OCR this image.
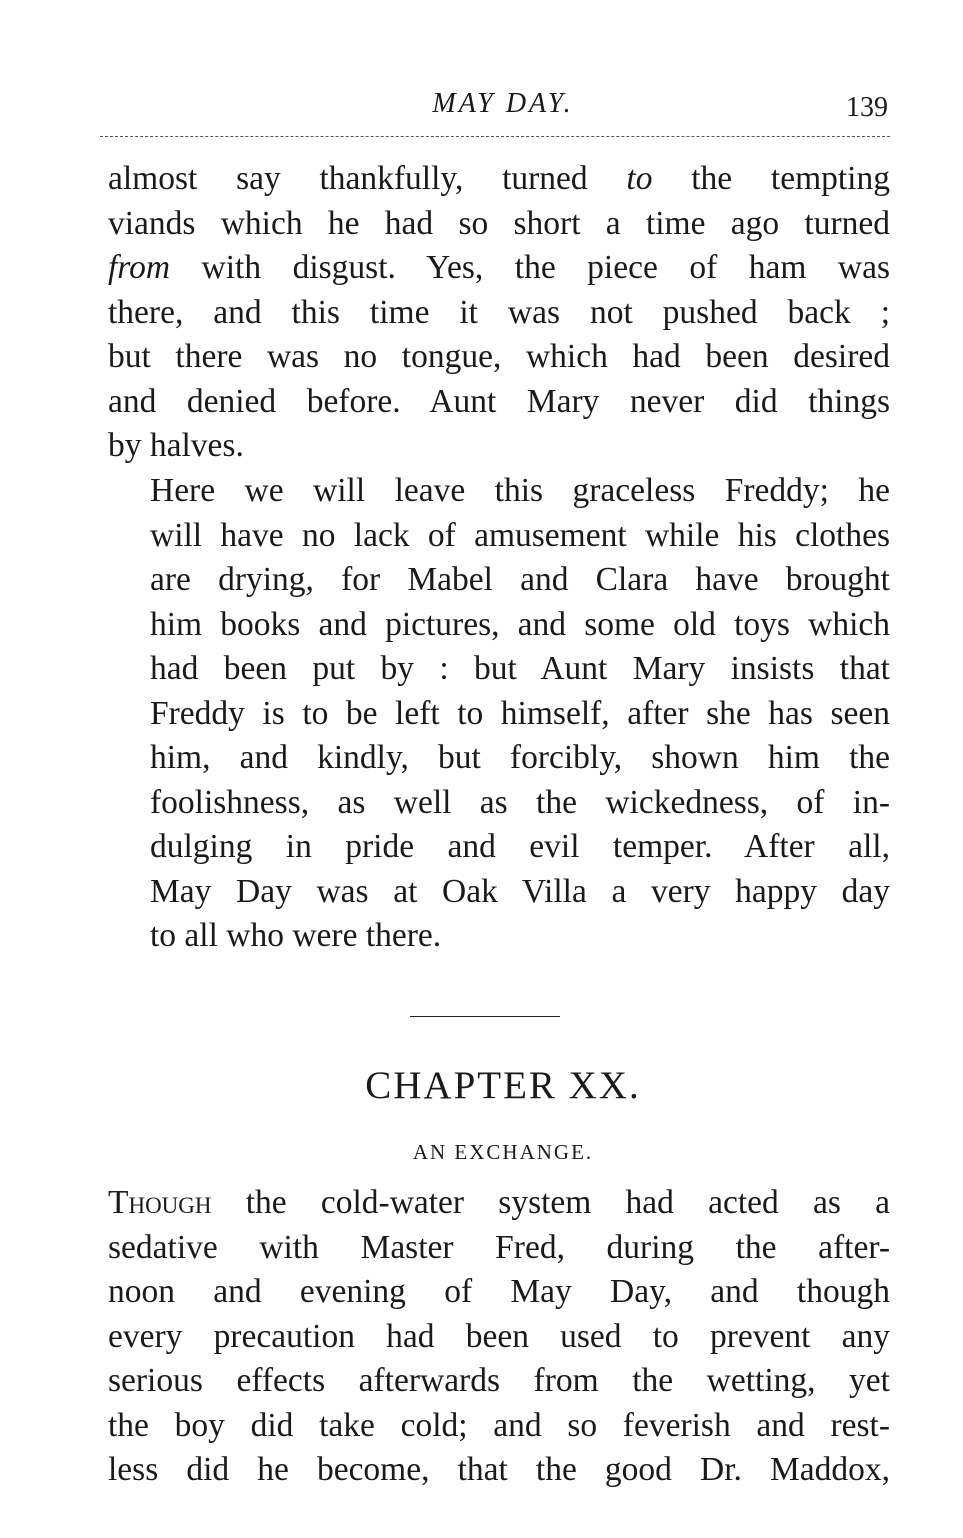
MAY DAY.	139

almost say thankfully, turned to the tempting
viands which he had so short a time ago turned
from with disgust. Yes, the piece of ham was
there, and this time it was not pushed back ;
but there was no tongue, which had been desired
and denied before. Aunt Mary never did things
by halves.

Here we will leave this graceless Freddy; he
will have no lack of amusement while his clothes
are drying, for Mabel and Clara have brought
him books and pictures, and some old toys which
had been put by : but Aunt Mary insists that
Freddy is to be left to himself, after she has seen
him, and kindly, but forcibly, shown him the
foolishness, as well as the wickedness, of in-
dulging in pride and evil temper. After all,
May Day was at Oak Villa a very happy day
to all who were there.

CHAPTER XX.
AN EXCHANGE.

Though the cold-water system had acted as a
sedative with Master Fred, during the after-
noon and evening of May Day, and though
every precaution had been used to prevent any
serious effects afterwards from the wetting, yet
the boy did take cold; and so feverish and rest-
less did he become, that the good Dr. Maddox,
